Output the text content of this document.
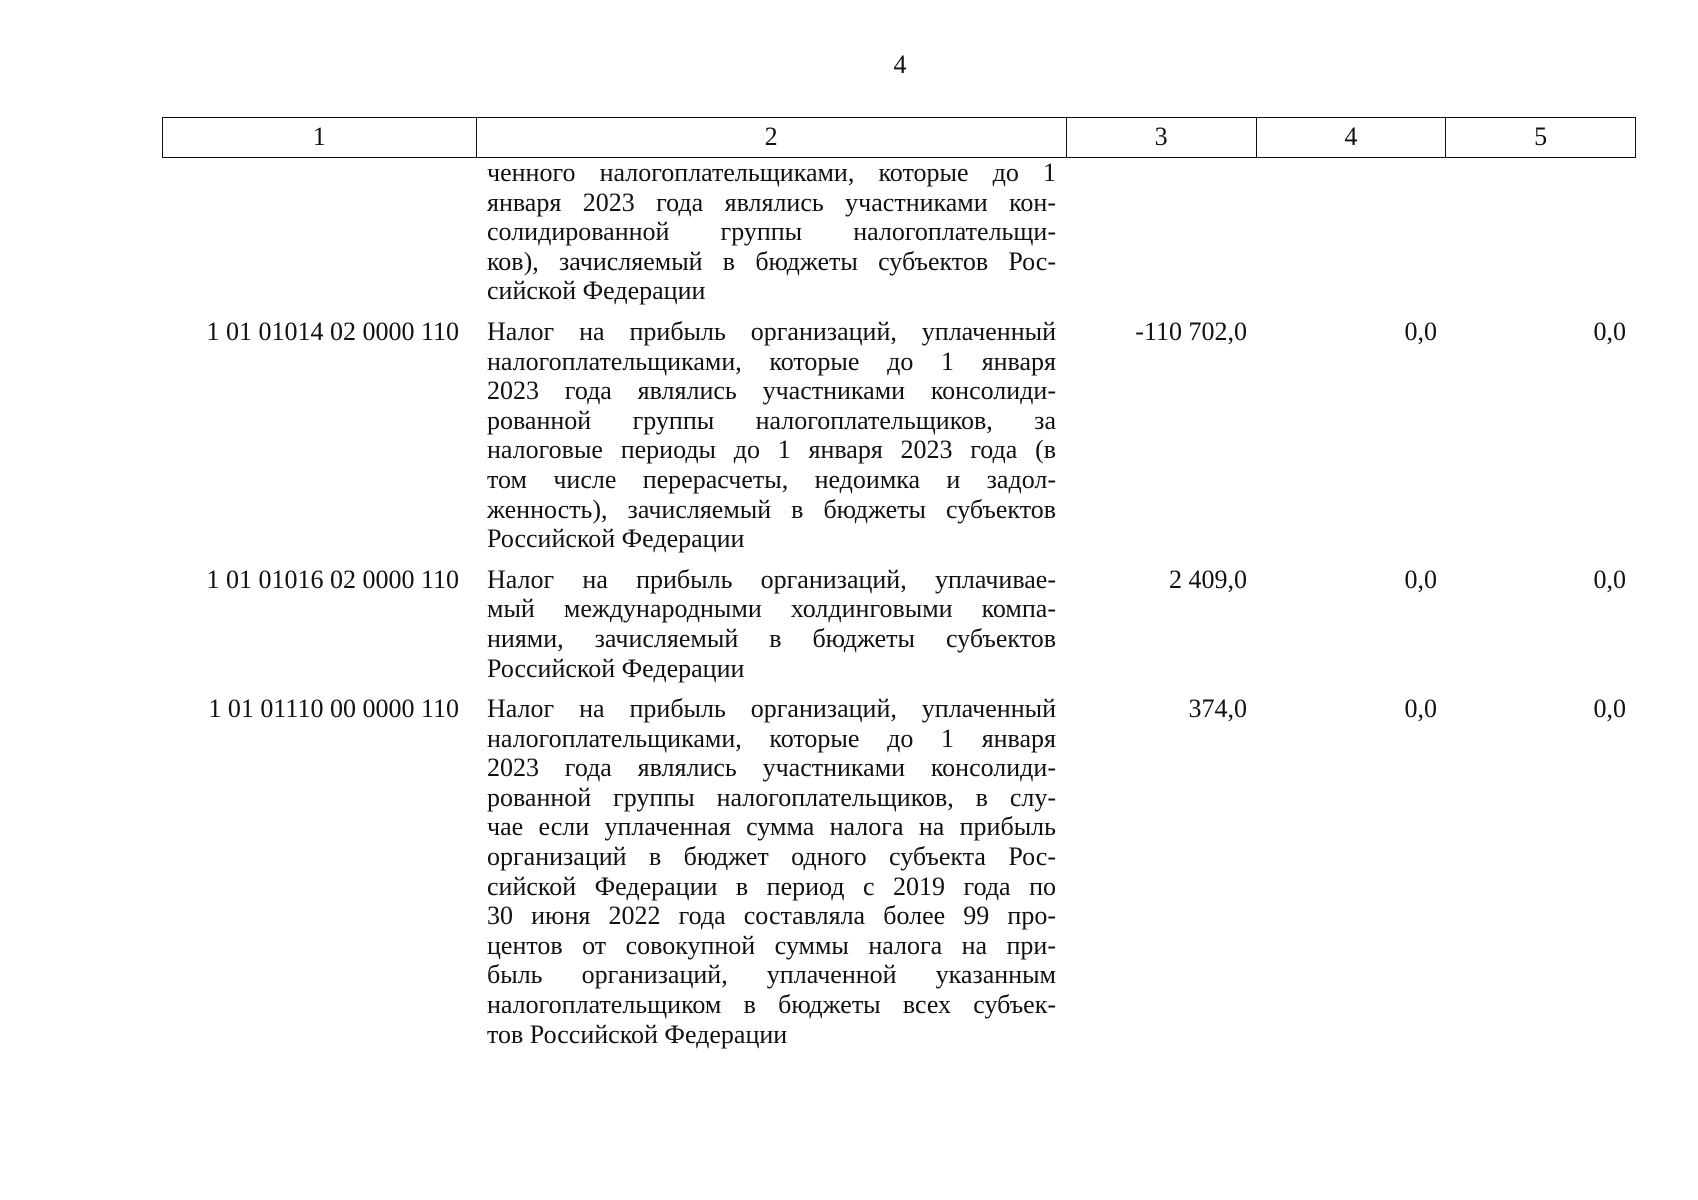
4
1	2	3	4	5
ченного налогоплательщиками, которые до 1
января 2023 года являлись участниками кон-
солидированной группы налогоплательщи-
ков), зачисляемый в бюджеты субъектов Рос-
сийской Федерации
1 01 01014 02 0000 110	Налог на прибыль организаций, уплаченный
налогоплательщиками, которые до 1 января
2023 года являлись участниками консолиди-
рованной группы налогоплательщиков, за
налоговые периоды до 1 января 2023 года (в
том числе перерасчеты, недоимка и задол-
женность), зачисляемый в бюджеты субъектов
Российской Федерации
-110 702,0	0,0	0,0
1 01 01016 02 0000 110	Налог на прибыль организаций, уплачивае-
мый международными холдинговыми компа-
ниями, зачисляемый в бюджеты субъектов
Российской Федерации
2 409,0	0,0	0,0
1 01 01110 00 0000 110	Налог на прибыль организаций, уплаченный
налогоплательщиками, которые до 1 января
2023 года являлись участниками консолиди-
рованной группы налогоплательщиков, в слу-
чае если уплаченная сумма налога на прибыль
организаций в бюджет одного субъекта Рос-
сийской Федерации в период с 2019 года по
30 июня 2022 года составляла более 99 про-
центов от совокупной суммы налога на при-
быль организаций, уплаченной указанным
налогоплательщиком в бюджеты всех субъек-
тов Российской Федерации
374,0	0,0	0,0
